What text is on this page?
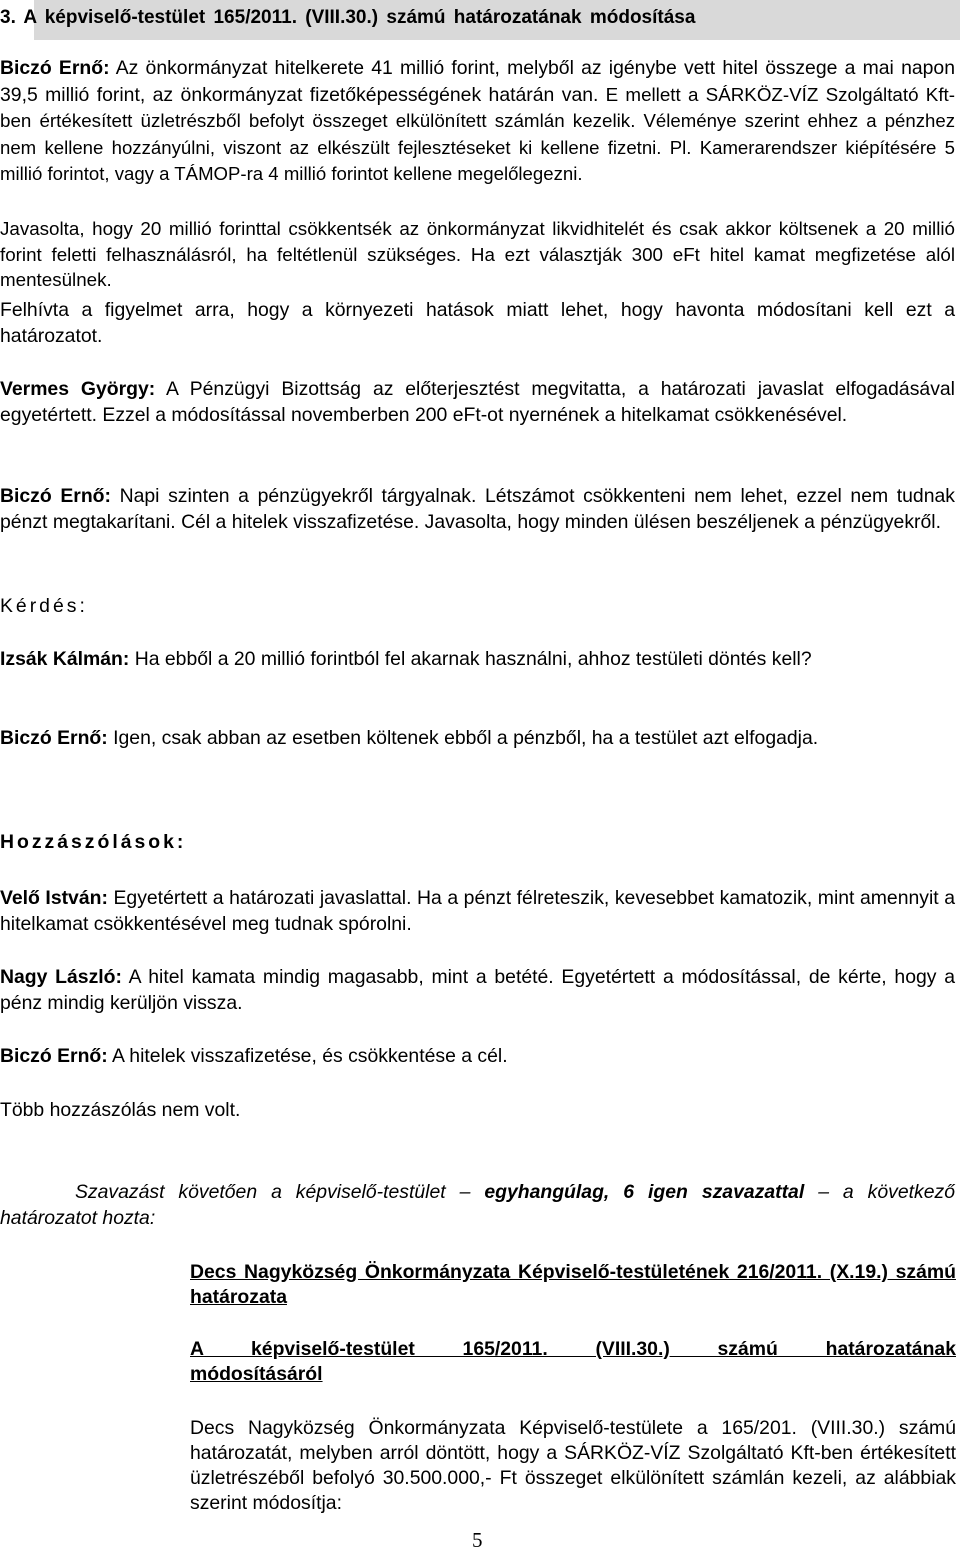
3. A képviselő-testület 165/2011. (VIII.30.) számú határozatának módosítása
Biczó Ernő: Az önkormányzat hitelkerete 41 millió forint, melyből az igénybe vett hitel összege a mai napon 39,5 millió forint, az önkormányzat fizetőképességének határán van. E mellett a SÁRKÖZ-VÍZ Szolgáltató Kft-ben értékesített üzletrészből befolyt összeget elkülönített számlán kezelik. Véleménye szerint ehhez a pénzhez nem kellene hozzányúlni, viszont az elkészült fejlesztéseket ki kellene fizetni. Pl. Kamerarendszer kiépítésére 5 millió forintot, vagy a TÁMOP-ra 4 millió forintot kellene megelőlegezni.
Javasolta, hogy 20 millió forinttal csökkentsék az önkormányzat likvidhitelét és csak akkor költsenek a 20 millió forint feletti felhasználásról, ha feltétlenül szükséges. Ha ezt választják 300 eFt hitel kamat megfizetése alól mentesülnek.
Felhívta a figyelmet arra, hogy a környezeti hatások miatt lehet, hogy havonta módosítani kell ezt a határozatot.
Vermes György: A Pénzügyi Bizottság az előterjesztést megvitatta, a határozati javaslat elfogadásával egyetértett. Ezzel a módosítással novemberben 200 eFt-ot nyernének a hitelkamat csökkenésével.
Biczó Ernő: Napi szinten a pénzügyekről tárgyalnak. Létszámot csökkenteni nem lehet, ezzel nem tudnak pénzt megtakarítani. Cél a hitelek visszafizetése. Javasolta, hogy minden ülésen beszéljenek a pénzügyekről.
Kérdés:
Izsák Kálmán: Ha ebből a 20 millió forintból fel akarnak használni, ahhoz testületi döntés kell?
Biczó Ernő: Igen, csak abban az esetben költenek ebből a pénzből, ha a testület azt elfogadja.
Hozzászólások:
Velő István: Egyetértett a határozati javaslattal. Ha a pénzt félreteszik, kevesebbet kamatozik, mint amennyit a hitelkamat csökkentésével meg tudnak spórolni.
Nagy László: A hitel kamata mindig magasabb, mint a betété. Egyetértett a módosítással, de kérte, hogy a pénz mindig kerüljön vissza.
Biczó Ernő: A hitelek visszafizetése, és csökkentése a cél.
Több hozzászólás nem volt.
Szavazást követően a képviselő-testület – egyhangúlag, 6 igen szavazattal – a következő határozatot hozta:
Decs Nagyközség Önkormányzata Képviselő-testületének 216/2011. (X.19.) számú határozata
A képviselő-testület 165/2011. (VIII.30.) számú határozatának módosításáról
Decs Nagyközség Önkormányzata Képviselő-testülete a 165/201. (VIII.30.) számú határozatát, melyben arról döntött, hogy a SÁRKÖZ-VÍZ Szolgáltató Kft-ben értékesített üzletrészéből befolyó 30.500.000,- Ft összeget elkülönített számlán kezeli, az alábbiak szerint módosítja:
5
